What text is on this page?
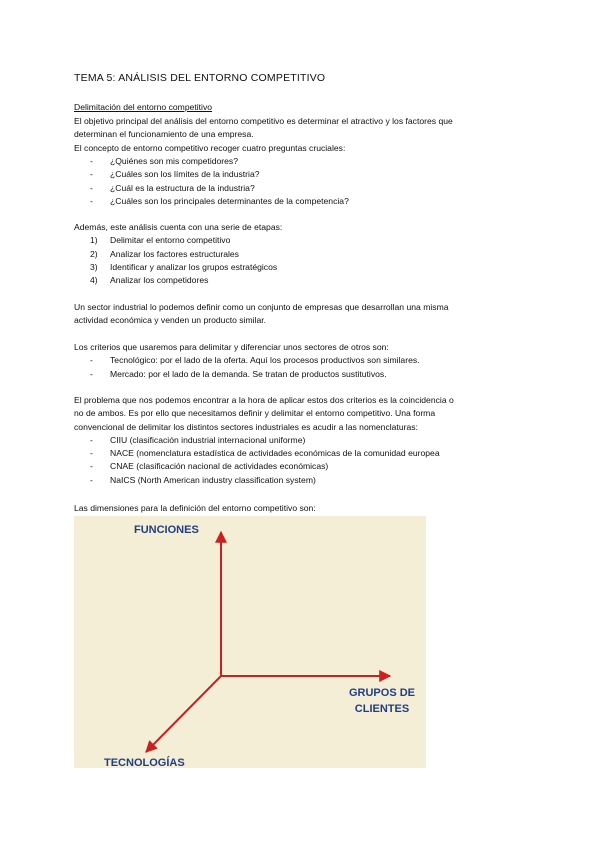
TEMA 5: ANÁLISIS DEL ENTORNO COMPETITIVO
Delimitación del entorno competitivo
El objetivo principal del análisis del entorno competitivo es determinar el atractivo y los factores que
determinan el funcionamiento de una empresa.
El concepto de entorno competitivo recoger cuatro preguntas cruciales:
-	¿Quiénes son mis competidores?
-	¿Cuáles son los límites de la industria?
-	¿Cuál es la estructura de la industria?
-	¿Cuáles son los principales determinantes de la competencia?
Además, este análisis cuenta con una serie de etapas:
1)	Delimitar el entorno competitivo
2)	Analizar los factores estructurales
3)	Identificar y analizar los grupos estratégicos
4)	Analizar los competidores
Un sector industrial lo podemos definir como un conjunto de empresas que desarrollan una misma
actividad económica y venden un producto similar.
Los criterios que usaremos para delimitar y diferenciar unos sectores de otros son:
-	Tecnológico: por el lado de la oferta. Aquí los procesos productivos son similares.
-	Mercado: por el lado de la demanda. Se tratan de productos sustitutivos.
El problema que nos podemos encontrar a la hora de aplicar estos dos criterios es la coincidencia o
no de ambos. Es por ello que necesitamos definir y delimitar el entorno competitivo. Una forma
convencional de delimitar los distintos sectores industriales es acudir a las nomenclaturas:
-	CIIU (clasificación industrial internacional uniforme)
-	NACE (nomenclatura estadística de actividades económicas de la comunidad europea
-	CNAE (clasificación nacional de actividades económicas)
-	NaICS (North American industry classification system)
Las dimensiones para la definición del entorno competitivo son:
FUNCIONES
GRUPOS DE
CLIENTES
TECNOLOGÍAS
